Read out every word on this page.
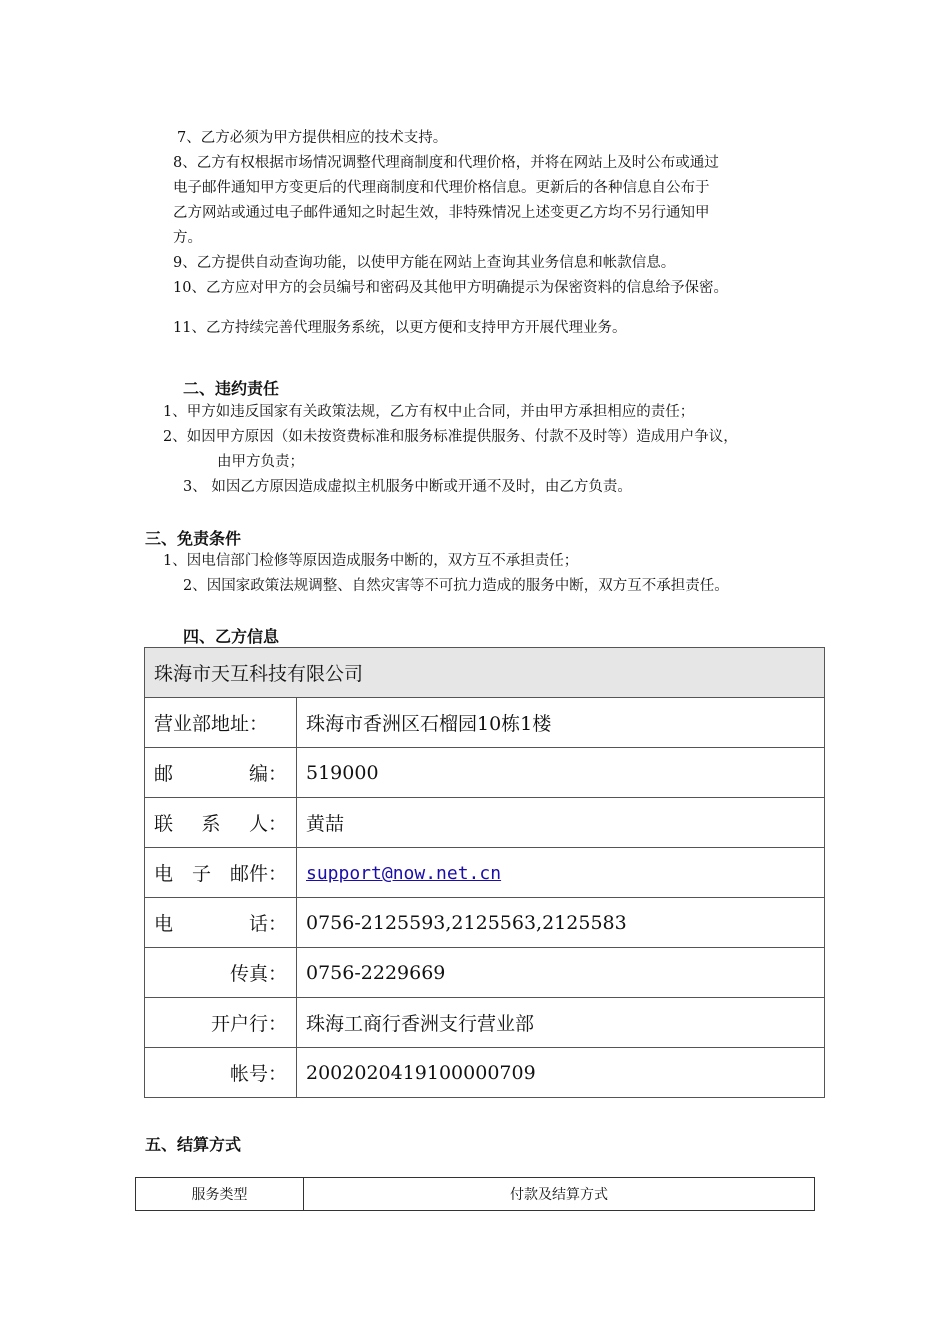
7、乙方必须为甲方提供相应的技术支持。
8、乙方有权根据市场情况调整代理商制度和代理价格，并将在网站上及时公布或通过
电子邮件通知甲方变更后的代理商制度和代理价格信息。更新后的各种信息自公布于
乙方网站或通过电子邮件通知之时起生效，非特殊情况上述变更乙方均不另行通知甲
方。
9、乙方提供自动查询功能，以使甲方能在网站上查询其业务信息和帐款信息。
10、乙方应对甲方的会员编号和密码及其他甲方明确提示为保密资料的信息给予保密。
11、乙方持续完善代理服务系统，以更方便和支持甲方开展代理业务。
二、违约责任
1、甲方如违反国家有关政策法规，乙方有权中止合同，并由甲方承担相应的责任；
2、如因甲方原因（如未按资费标准和服务标准提供服务、付款不及时等）造成用户争议，
由甲方负责；
3、 如因乙方原因造成虚拟主机服务中断或开通不及时，由乙方负责。
三、免责条件
1、因电信部门检修等原因造成服务中断的，双方互不承担责任；
2、因国家政策法规调整、自然灾害等不可抗力造成的服务中断，双方互不承担责任。
四、乙方信息
珠海市天互科技有限公司	
营业部地址：	珠海市香洲区石榴园10栋1楼

邮 编：	519000

联 系 人：	黄喆

电 子 邮件：	support@now.net.cn

电 话：	0756-2125593,2125563,2125583
传真：	0756-2229669
开户行：	珠海工商行香洲支行营业部
帐号：	2002020419100000709
五、结算方式
服务类型	付款及结算方式
